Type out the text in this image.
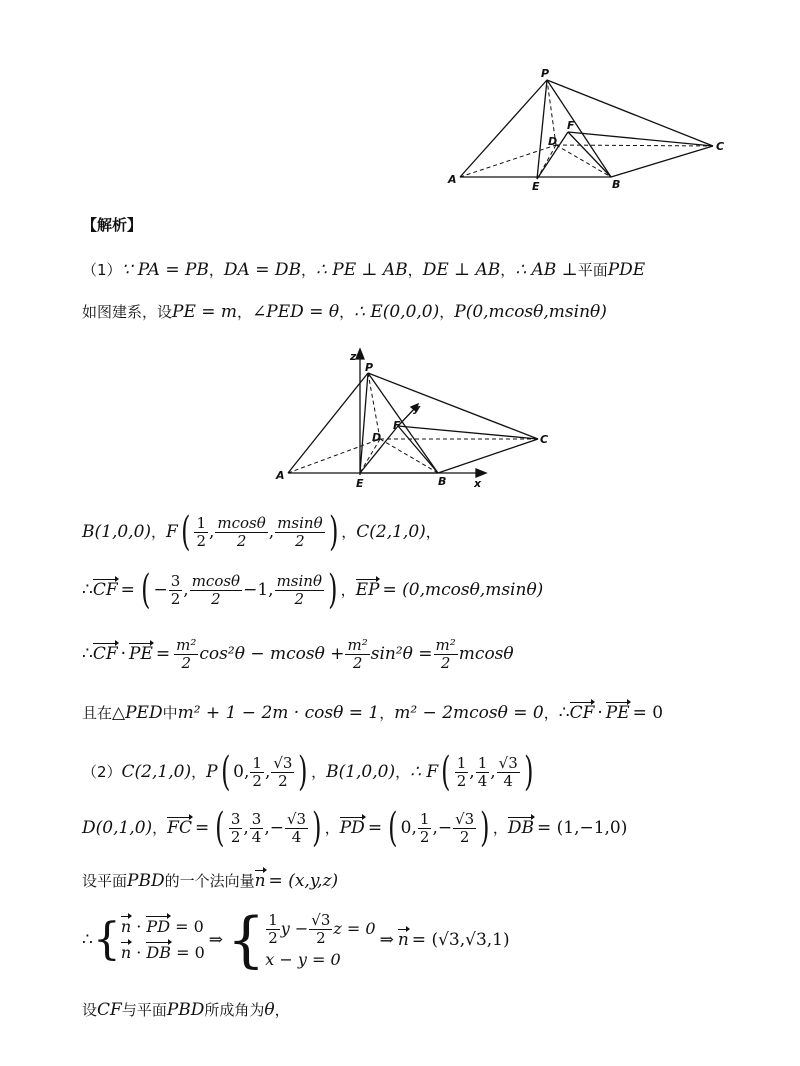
P
F
D	C
A
E	B
【解析】
（1） ∵ PA = PB ， DA = DB ， ∴ PE ⊥ AB ， DE ⊥ AB ， ∴ AB ⊥ 平面 PDE
如图建系，设 PE = m ， ∠PED = θ ， ∴ E(0,0,0) ， P(0,mcosθ,msinθ)
z
P
y
F
D	C
A
E	B	x
B(1,0,0) ， F ( $\frac{1}{2}$ , $\frac{mcos\theta}{2}$ , $\frac{msin\theta}{2}$ ) ， C(2,1,0) ，
∴ CF = ( − $\frac{3}{2}$ , $\frac{mcos\theta}{2} -1$, $\frac{msin\theta}{2}$ ) ， EP = (0,mcosθ,msinθ)
∴ CF · PE = $\frac{\text{m²}}{2} \cos^2\theta - mcos\theta + \frac{\text{m²}}{2} \sin^2\theta = \frac{\text{m²}}{2}$ mcosθ
且在 △PED 中 m² + 1 − 2m · cosθ = 1 ， m² − 2mcosθ = 0 ， ∴ CF · PE = 0
（2） C(2,1,0) ， P ( 0, $\frac{1}{2}$ , $\frac{√3}{2}$ ) ， B(1,0,0) ， ∴ F ( $\frac{1}{2}$ , $\frac{1}{4}$ , $\frac{√3}{4}$ )
D(0,1,0) ， FC = ( $\frac{3}{2}$ , $\frac{3}{4}$ ,− $\frac{√3}{4}$ ) ， PD = ( 0, $\frac{1}{2}$ ,− $\frac{√3}{2}$ ) ， DB = (1,−1,0)
设平面 PBD 的一个法向量 n = (x,y,z)
∴ { n · PD = 0
n · DB = 0
⇒ { $\frac{1}{2}$ $y - \frac{√3}{2}$ z = 0
x − y = 0
⇒ n = (√3,√3,1)
设 CF 与平面 PBD 所成角为 θ ，
